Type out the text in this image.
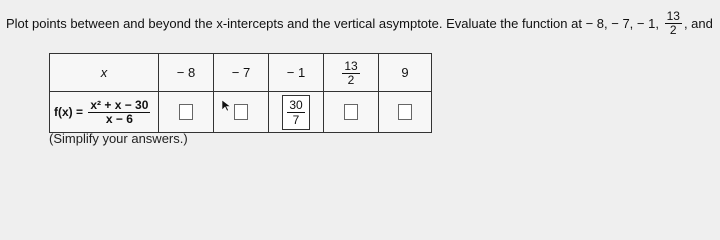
Plot points between and beyond the x-intercepts and the vertical asymptote. Evaluate the function at
− 8, − 7, − 1,
$\frac{13}{2}$ , and
x	− 8	− 7	− 1	$\frac{13}{2}$	9

f(x) =
$\frac{\text{x² + x − 30}}{x - 6}$			$\frac{30}{7}$

(Simplify your answers.)
